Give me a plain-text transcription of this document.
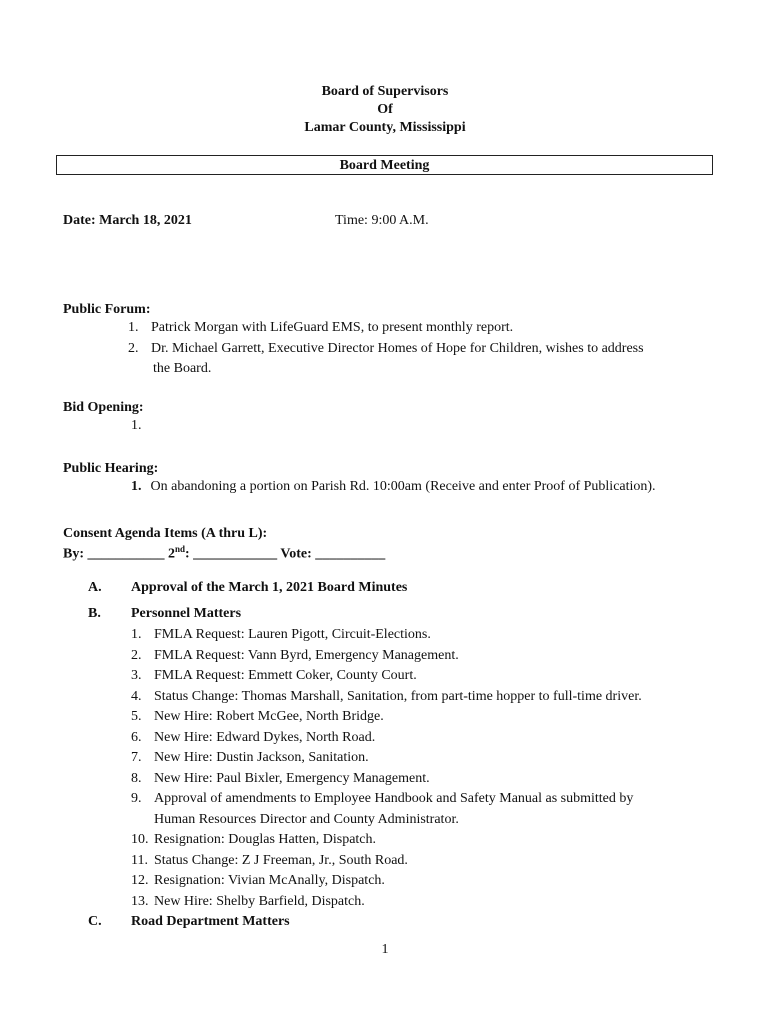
Board of Supervisors
Of
Lamar County, Mississippi
Board Meeting
Date: March 18, 2021	Time: 9:00 A.M.
Public Forum:
1. Patrick Morgan with LifeGuard EMS, to present monthly report.
2. Dr. Michael Garrett, Executive Director Homes of Hope for Children, wishes to address
the Board.
Bid Opening:
1.
Public Hearing:
1. On abandoning a portion on Parish Rd. 10:00am (Receive and enter Proof of Publication).
Consent Agenda Items (A thru L):
By: ___________ 2nd: ____________ Vote: __________
A. Approval of the March 1, 2021 Board Minutes
B. Personnel Matters
1. FMLA Request: Lauren Pigott, Circuit-Elections.
2. FMLA Request: Vann Byrd, Emergency Management.
3. FMLA Request: Emmett Coker, County Court.
4. Status Change: Thomas Marshall, Sanitation, from part-time hopper to full-time driver.
5. New Hire: Robert McGee, North Bridge.
6. New Hire: Edward Dykes, North Road.
7. New Hire: Dustin Jackson, Sanitation.
8. New Hire: Paul Bixler, Emergency Management.
9. Approval of amendments to Employee Handbook and Safety Manual as submitted by
Human Resources Director and County Administrator.
10. Resignation: Douglas Hatten, Dispatch.
11. Status Change: Z J Freeman, Jr., South Road.
12. Resignation: Vivian McAnally, Dispatch.
13. New Hire: Shelby Barfield, Dispatch.
C. Road Department Matters
1
